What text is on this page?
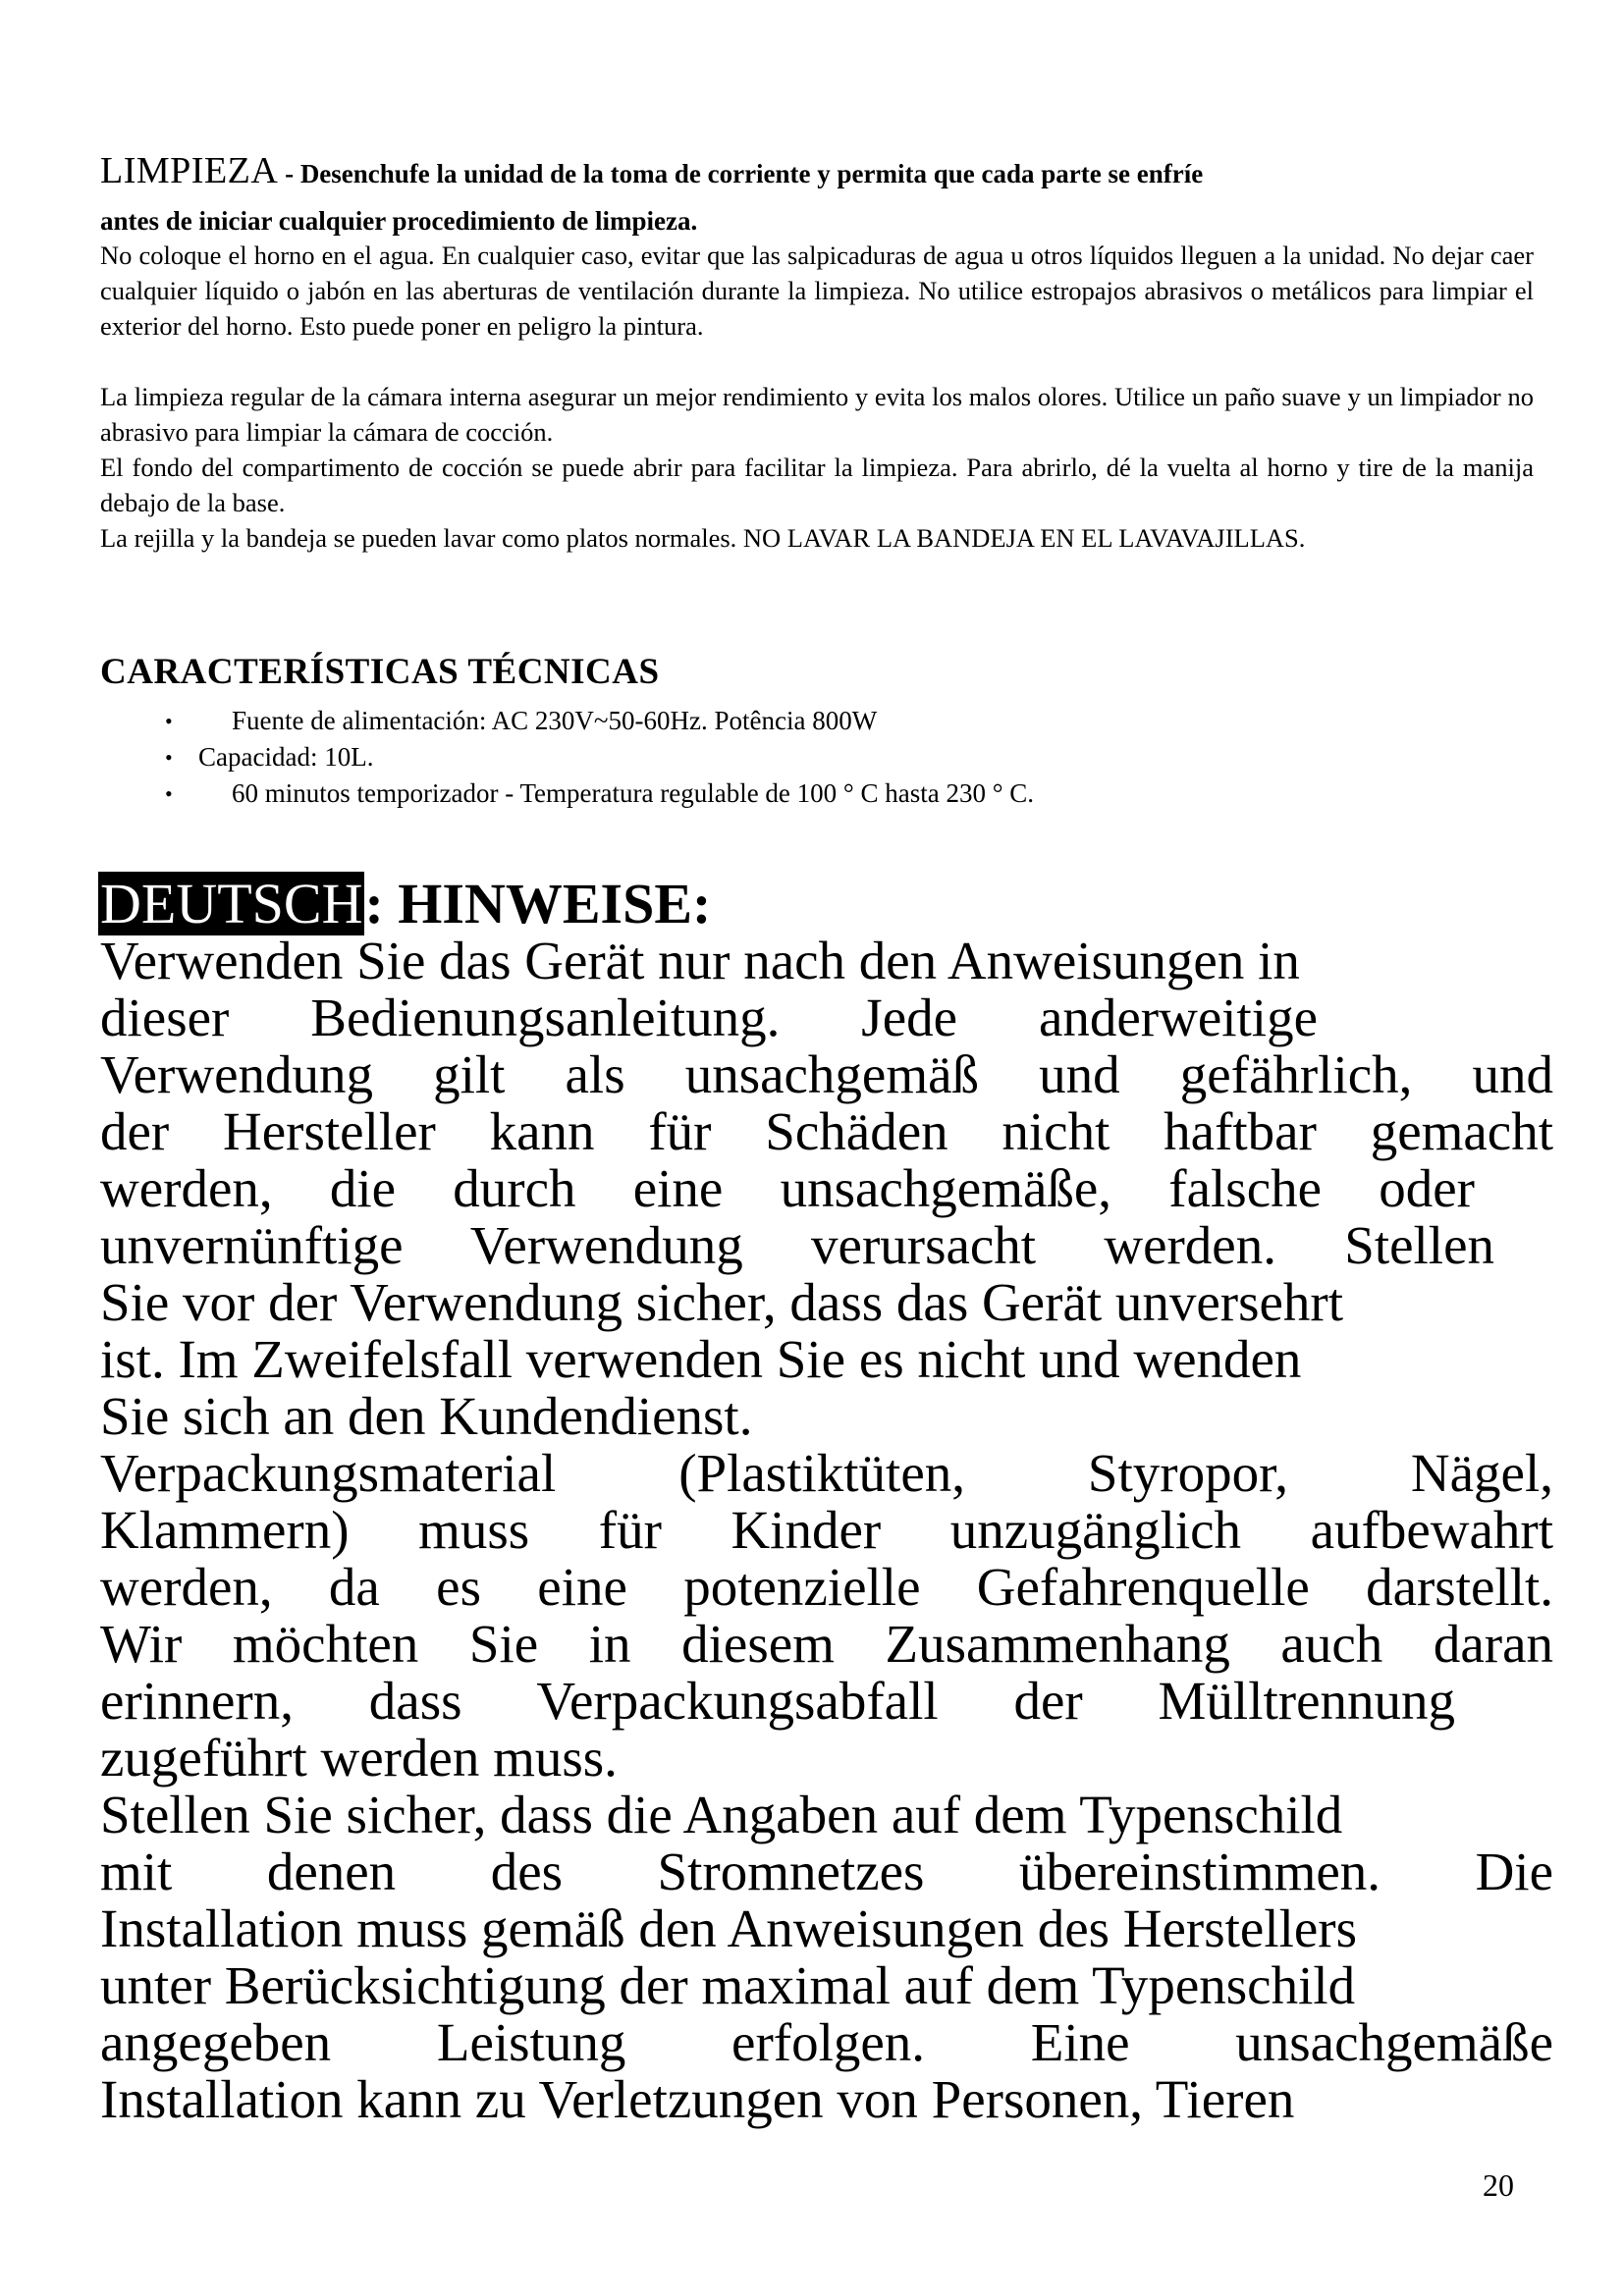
LIMPIEZA - Desenchufe la unidad de la toma de corriente y permita que cada parte se enfríe

antes de iniciar cualquier procedimiento de limpieza.

No coloque el horno en el agua. En cualquier caso, evitar que las salpicaduras de agua u otros líquidos lleguen a la unidad. No dejar caer cualquier líquido o jabón en las aberturas de ventilación durante la limpieza. No utilice estropajos abrasivos o metálicos para limpiar el exterior del horno. Esto puede poner en peligro la pintura.

La limpieza regular de la cámara interna asegurar un mejor rendimiento y evita los malos olores. Utilice un paño suave y un limpiador no abrasivo para limpiar la cámara de cocción.

El fondo del compartimento de cocción se puede abrir para facilitar la limpieza. Para abrirlo, dé la vuelta al horno y tire de la manija debajo de la base.

La rejilla y la bandeja se pueden lavar como platos normales. NO LAVAR LA BANDEJA EN EL LAVAVAJILLAS.

CARACTERÍSTICAS TÉCNICAS
• Fuente de alimentación: AC 230V~50-60Hz. Potência 800W
• Capacidad: 10L.
• 60 minutos temporizador - Temperatura regulable de 100 ° C hasta 230 ° C.
DEUTSCH: HINWEISE:
Verwenden Sie das Gerät nur nach den Anweisungen in
dieser Bedienungsanleitung. Jede anderweitige
Verwendung gilt als unsachgemäß und gefährlich, und
der Hersteller kann für Schäden nicht haftbar gemacht
werden, die durch eine unsachgemäße, falsche oder
unvernünftige Verwendung verursacht werden. Stellen
Sie vor der Verwendung sicher, dass das Gerät unversehrt
ist. Im Zweifelsfall verwenden Sie es nicht und wenden
Sie sich an den Kundendienst.
Verpackungsmaterial (Plastiktüten, Styropor, Nägel,
Klammern) muss für Kinder unzugänglich aufbewahrt
werden, da es eine potenzielle Gefahrenquelle darstellt.
Wir möchten Sie in diesem Zusammenhang auch daran
erinnern, dass Verpackungsabfall der Mülltrennung
zugeführt werden muss.
Stellen Sie sicher, dass die Angaben auf dem Typenschild
mit denen des Stromnetzes übereinstimmen. Die
Installation muss gemäß den Anweisungen des Herstellers
unter Berücksichtigung der maximal auf dem Typenschild
angegeben Leistung erfolgen. Eine unsachgemäße
Installation kann zu Verletzungen von Personen, Tieren
20
